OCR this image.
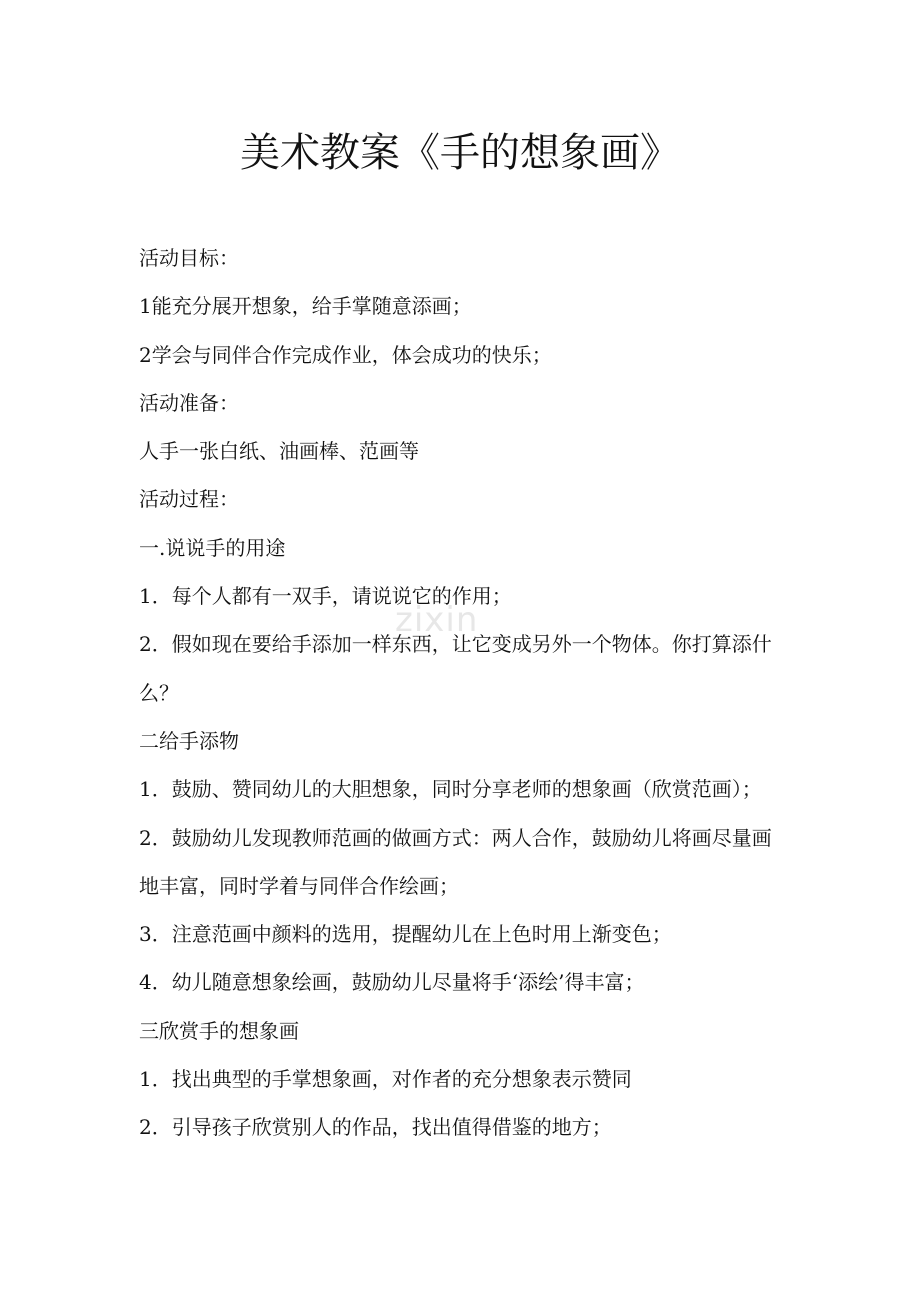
美术教案《手的想象画》
zixin

活动目标：

1能充分展开想象，给手掌随意添画；

2学会与同伴合作完成作业，体会成功的快乐；

活动准备：

人手一张白纸、油画棒、范画等

活动过程：

一.说说手的用途

1．每个人都有一双手，请说说它的作用；

2．假如现在要给手添加一样东西，让它变成另外一个物体。你打算添什么？

二给手添物

1．鼓励、赞同幼儿的大胆想象，同时分享老师的想象画（欣赏范画）；

2．鼓励幼儿发现教师范画的做画方式：两人合作，鼓励幼儿将画尽量画地丰富，同时学着与同伴合作绘画；

3．注意范画中颜料的选用，提醒幼儿在上色时用上渐变色；

4．幼儿随意想象绘画，鼓励幼儿尽量将手‘添绘’得丰富；

三欣赏手的想象画

1．找出典型的手掌想象画，对作者的充分想象表示赞同

2．引导孩子欣赏别人的作品，找出值得借鉴的地方；
